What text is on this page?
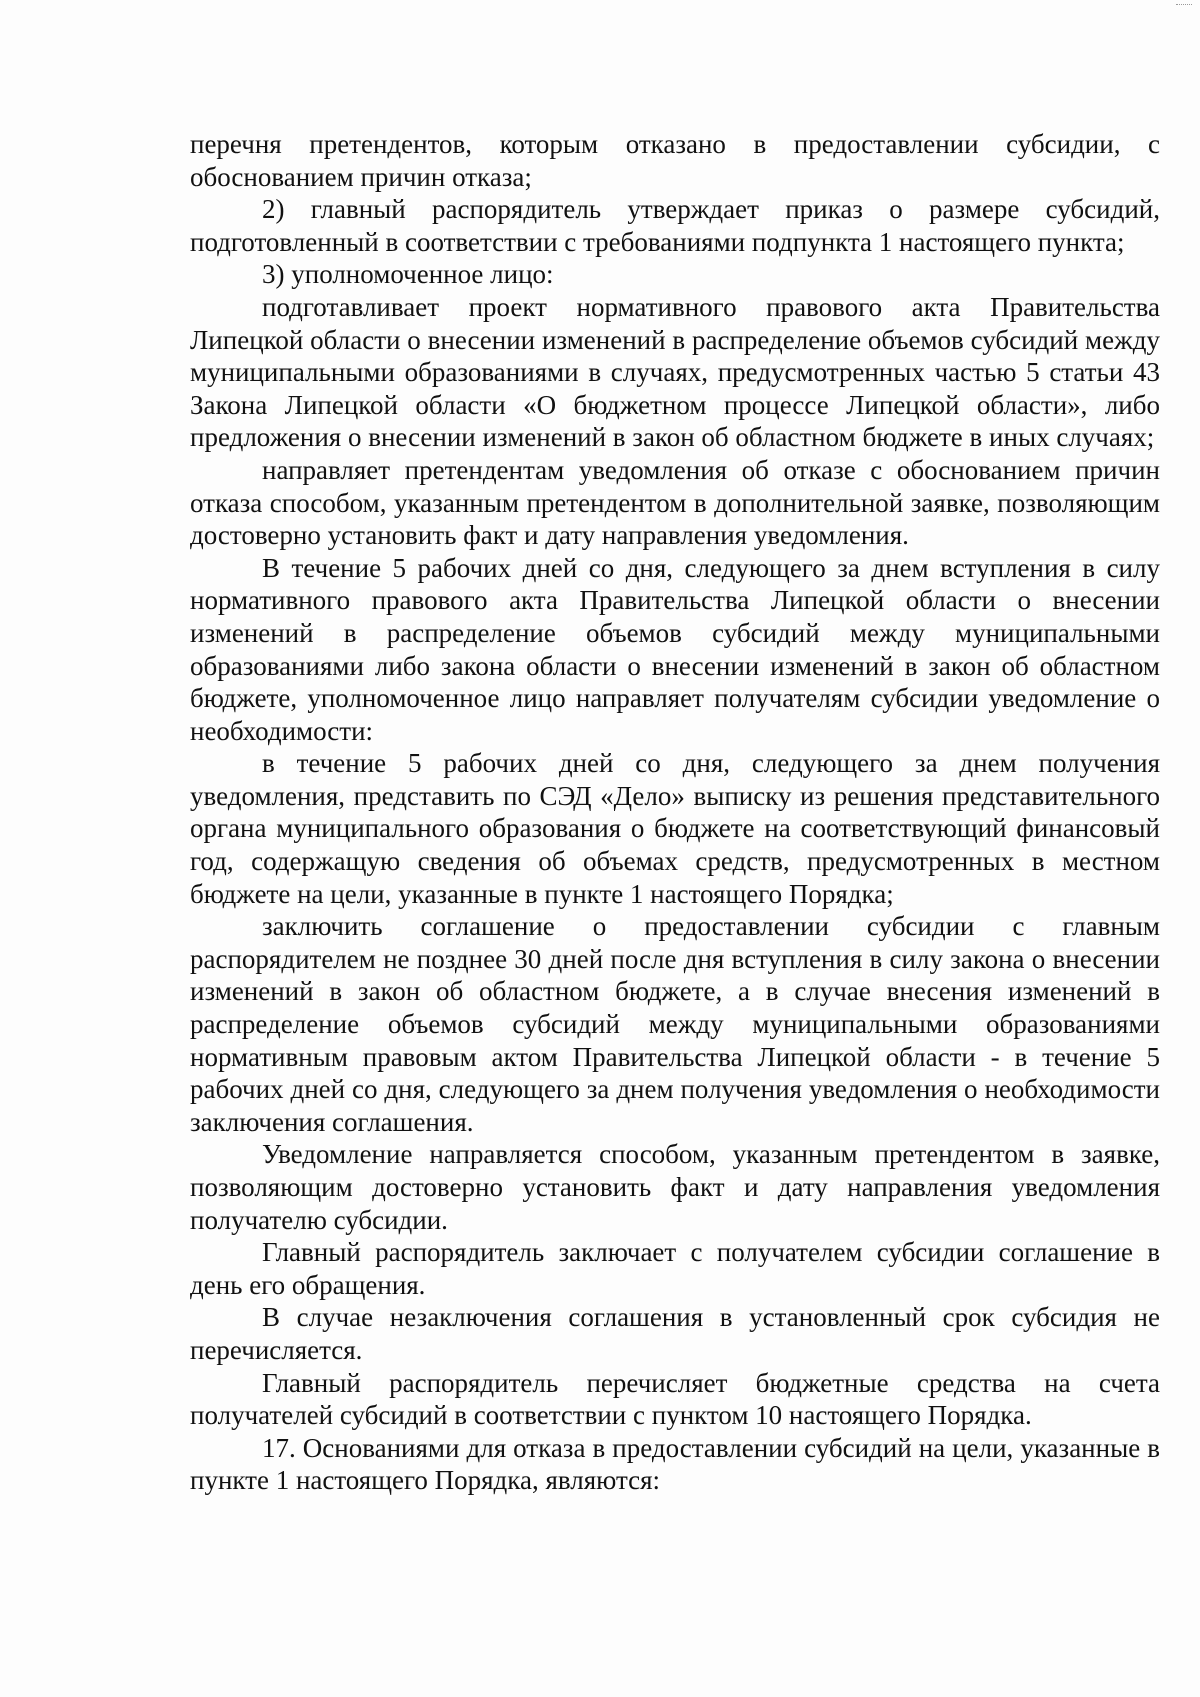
перечня претендентов, которым отказано в предоставлении субсидии, с обоснованием причин отказа;

2) главный распорядитель утверждает приказ о размере субсидий, подготовленный в соответствии с требованиями подпункта 1 настоящего пункта;

3) уполномоченное лицо:

подготавливает проект нормативного правового акта Правительства Липецкой области о внесении изменений в распределение объемов субсидий между муниципальными образованиями в случаях, предусмотренных частью 5 статьи 43 Закона Липецкой области «О бюджетном процессе Липецкой области», либо предложения о внесении изменений в закон об областном бюджете в иных случаях;

направляет претендентам уведомления об отказе с обоснованием причин отказа способом, указанным претендентом в дополнительной заявке, позволяющим достоверно установить факт и дату направления уведомления.

В течение 5 рабочих дней со дня, следующего за днем вступления в силу нормативного правового акта Правительства Липецкой области о внесении изменений в распределение объемов субсидий между муниципальными образованиями либо закона области о внесении изменений в закон об областном бюджете, уполномоченное лицо направляет получателям субсидии уведомление о необходимости:

в течение 5 рабочих дней со дня, следующего за днем получения уведомления, представить по СЭД «Дело» выписку из решения представительного органа муниципального образования о бюджете на соответствующий финансовый год, содержащую сведения об объемах средств, предусмотренных в местном бюджете на цели, указанные в пункте 1 настоящего Порядка;

заключить соглашение о предоставлении субсидии с главным распорядителем не позднее 30 дней после дня вступления в силу закона о внесении изменений в закон об областном бюджете, а в случае внесения изменений в распределение объемов субсидий между муниципальными образованиями нормативным правовым актом Правительства Липецкой области - в течение 5 рабочих дней со дня, следующего за днем получения уведомления о необходимости заключения соглашения.

Уведомление направляется способом, указанным претендентом в заявке, позволяющим достоверно установить факт и дату направления уведомления получателю субсидии.

Главный распорядитель заключает с получателем субсидии соглашение в день его обращения.

В случае незаключения соглашения в установленный срок субсидия не перечисляется.

Главный распорядитель перечисляет бюджетные средства на счета получателей субсидий в соответствии с пунктом 10 настоящего Порядка.

17. Основаниями для отказа в предоставлении субсидий на цели, указанные в пункте 1 настоящего Порядка, являются:
